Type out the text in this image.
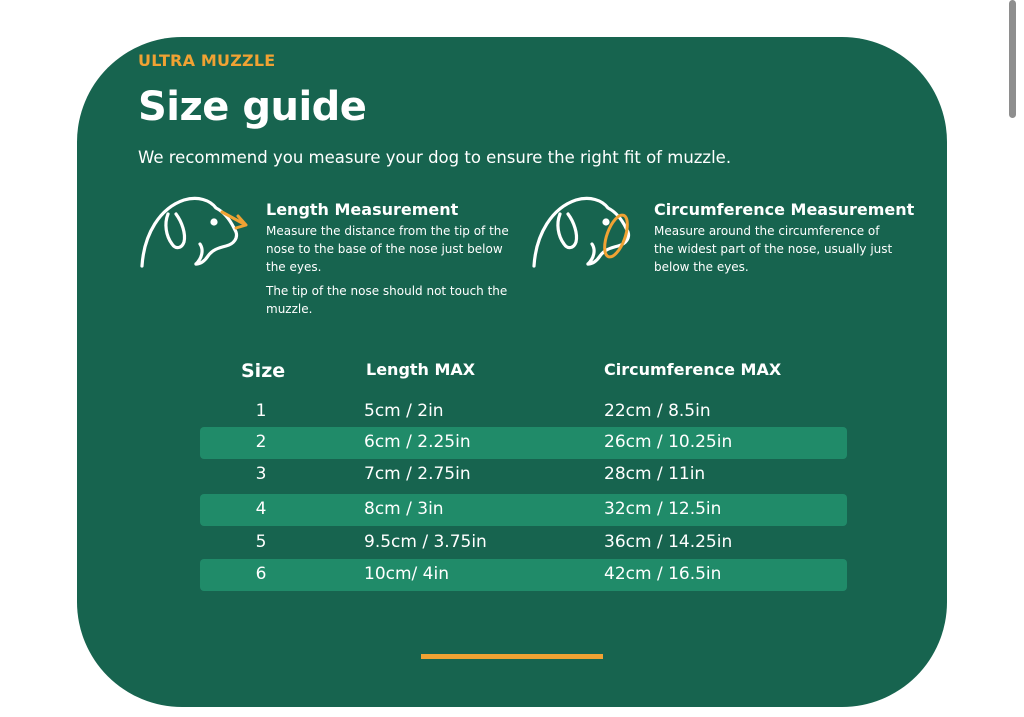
ULTRA MUZZLE
Size guide
We recommend you measure your dog to ensure the right fit of muzzle.
Length Measurement
Measure the distance from the tip of the
nose to the base of the nose just below
the eyes.
The tip of the nose should not touch the
muzzle.
Circumference Measurement
Measure around the circumference of
the widest part of the nose, usually just
below the eyes.
Size	Length MAX	Circumference MAX
1	5cm / 2in	22cm / 8.5in
2	6cm / 2.25in	26cm / 10.25in
3	7cm / 2.75in	28cm / 11in
4	8cm / 3in	32cm / 12.5in
5	9.5cm / 3.75in	36cm / 14.25in
6	10cm/ 4in	42cm / 16.5in
